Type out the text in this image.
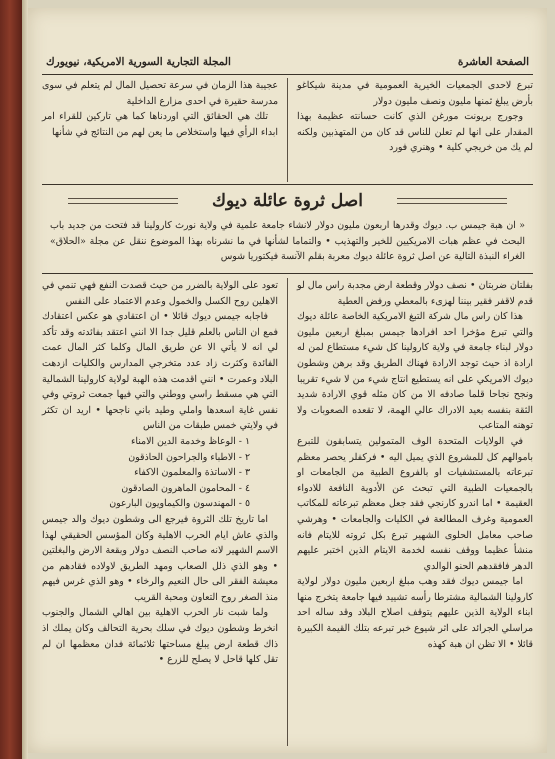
الصفحة العاشرة
المجلة التجارية السورية الامريكية، نيويورك

تبرع لاحدى الجمعيات الخيرية العمومية في مدينة شيكاغو بأرض يبلغ ثمنها مليون ونصف مليون دولار

وجورج بريونت مورغن الذي كانت حسانته عظيمة بهذا المقدار على انها لم تعلن للناس قد كان من المتهذبين ولكنه لم يك من خريجي كلية • وهنري فورد

عجيبة هذا الزمان في سرعة تحصيل المال لم يتعلم في سوى مدرسة حقيرة في احدى مزارع الداخلية

تلك هي الحقائق التي اوردناها كما هي تاركين للقراء امر ابداء الرأي فيها واستخلاص ما يعن لهم من النتائج في شأنها

اصل ثروة عائلة ديوك
« ان هبة جيمس ب. ديوك وقدرها اربعون مليون دولار لانشاء جامعة علمية في ولاية نورث كارولينا قد فتحت من جديد باب البحث في عظم هبات الامريكيين للخير والتهذيب • والتماما لشأنها في ما نشرناه بهذا الموضوع ننقل عن مجلة «الحلاق» الغراء النبذة التالية عن اصل ثروة عائلة ديوك معربة بقلم الآنسة فيكتوريا شوس

بفلتان ضربتان • نصف دولار وقطعة ارض مجدبة راس مال لو قدم لاقفر فقير بيننا لهزىء بالمعطي ورفض العطية

هذا كان راس مال شركة التبغ الامريكية الخاصة عائلة ديوك والتي تبرع مؤخرا احد افرادها جيمس بمبلغ اربعين مليون دولار لبناء جامعة في ولاية كارولينا كل شيء مستطاع لمن له ارادة اذ حيث توجد الارادة فهناك الطريق وقد برهن وشطون ديوك الامريكي على انه يستطيع انتاج شيء من لا شيء تقريبا ونجح نجاحا قلما صادفه الا من كان مثله قوي الارادة شديد الثقة بنفسه بعيد الادراك عالي الهمة، لا تقعده الصعوبات ولا توهنه المتاعب

في الولايات المتحدة الوف المتمولين يتسابقون للتبرع باموالهم كل للمشروع الذي يميل اليه • فركفلر يحصر معظم تبرعاته بالمستشفيات او بالفروع الطبية من الجامعات او بالجمعيات الطبية التي تبحث عن الأدوية النافعة للادواء العقيمة • اما اندرو كارنجي فقد جعل معظم تبرعاته للمكاتب العمومية وغرف المطالعة في الكليات والجامعات • وهرشي صاحب معامل الحلوى الشهير تبرع بكل ثروته للايتام فانه منشأ عظيما ووقف نفسه لخدمة الايتام الذين اختبر عليهم الدهر فافقدهم الحنو الوالدي

اما جيمس ديوك فقد وهب مبلغ اربعين مليون دولار لولاية كارولينا الشمالية مشترطا رأسه تشييد فيها جامعة يتخرج منها ابناء الولاية الذين عليهم يتوقف اصلاح البلاد وقد ساله احد مراسلي الجرائد على اثر شيوع خبر تبرعه بتلك القيمة الكبيرة قائلا • الا تظن ان هبة كهذه

تعود على الولاية بالضرر من حيث قصدت النفع فهي تنمي في الاهلين روح الكسل والخمول وعدم الاعتماد على النفس

فاجابه جيمس ديوك قائلا • ان اعتقادي هو عكس اعتقادك فمع ان الناس بالعلم قليل جدا الا انني اعتقد بفائدته وقد تأكد لي انه لا يأتي الا عن طريق المال وكلما كثر المال عمت الفائدة وكثرت زاد عدد متخرجي المدارس والكليات ازدهت البلاد وعمرت • انني اقدمت هذه الهبة لولاية كارولينا الشمالية التي هي مسقط راسي ووطني والتي فيها جمعت ثروتي وفي نفس غاية اسعدها واملي وطيد باني ناجحها • اريد ان تكثر في ولايتي خمس طبقات من الناس

١ - الوعاظ وخدمة الدين الامناء
٢ - الاطباء والجراحون الحاذقون
٣ - الاساتذة والمعلمون الاكفاء
٤ - المحامون الماهرون الصادقون
٥ - المهندسون والكيماويون البارعون

اما تاريخ تلك الثروة فيرجع الى وشطون ديوك والد جيمس والذي عاش ايام الحرب الاهلية وكان المؤسس الحقيقي لهذا الاسم الشهير لانه صاحب النصف دولار وبقعة الارض والبغلتين • وهو الذي ذلل الصعاب ومهد الطريق لاولاده فقادهم من معيشة الفقر الى حال النعيم والرخاء • وهو الذي غرس فيهم منذ الصغر روح التعاون ومحبة القريب

ولما شبت نار الحرب الاهلية بين اهالي الشمال والجنوب انخرط وشطون ديوك في سلك بحرية التحالف وكان يملك اذ ذاك قطعة ارض يبلغ مساحتها ثلاثمائة فدان معظمها ان لم تقل كلها قاحل لا يصلح للزرع •
